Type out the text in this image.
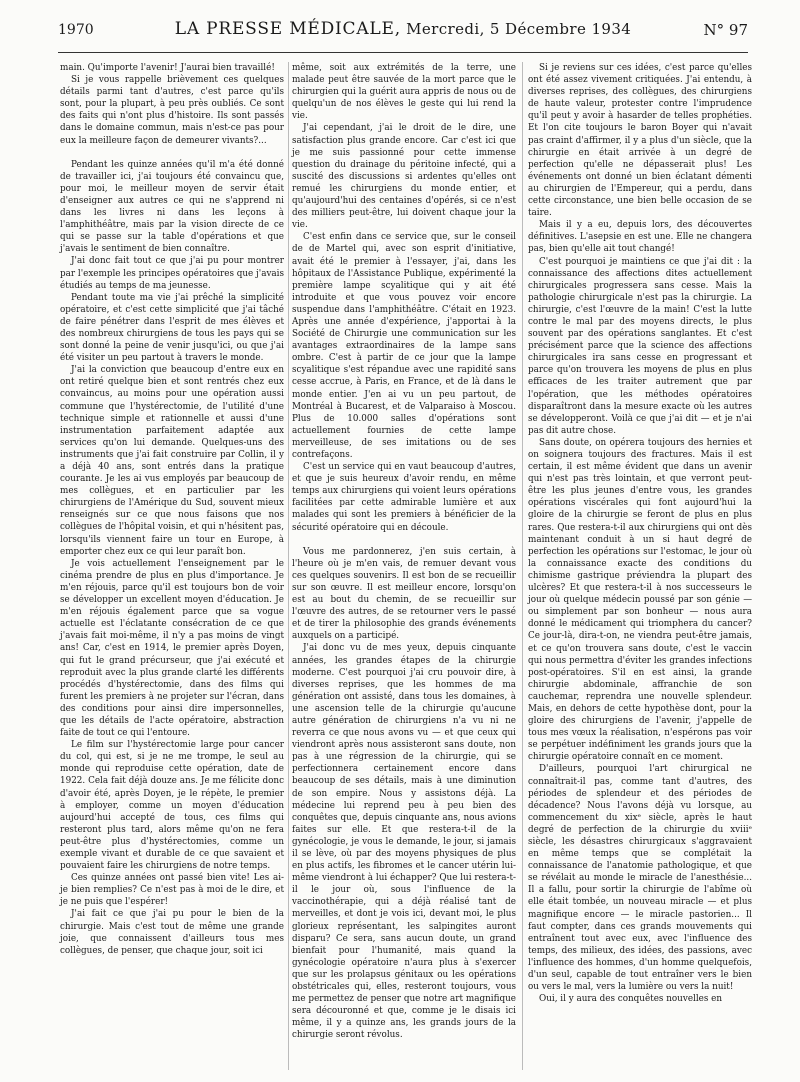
1970	LA PRESSE MÉDICALE, Mercredi, 5 Décembre 1934	N° 97

main. Qu'importe l'avenir! J'aurai bien travaillé!

Si je vous rappelle brièvement ces quelques détails parmi tant d'autres, c'est parce qu'ils sont, pour la plupart, à peu près oubliés. Ce sont des faits qui n'ont plus d'histoire. Ils sont passés dans le domaine commun, mais n'est-ce pas pour eux la meilleure façon de demeurer vivants?...

Pendant les quinze années qu'il m'a été donné de travailler ici, j'ai toujours été convaincu que, pour moi, le meilleur moyen de servir était d'enseigner aux autres ce qui ne s'apprend ni dans les livres ni dans les leçons à l'amphithéâtre, mais par la vision directe de ce qui se passe sur la table d'opérations et que j'avais le sentiment de bien connaître.

J'ai donc fait tout ce que j'ai pu pour montrer par l'exemple les principes opératoires que j'avais étudiés au temps de ma jeunesse.

Pendant toute ma vie j'ai prêché la simplicité opératoire, et c'est cette simplicité que j'ai tâché de faire pénétrer dans l'esprit de mes élèves et des nombreux chirurgiens de tous les pays qui se sont donné la peine de venir jusqu'ici, ou que j'ai été visiter un peu partout à travers le monde.

J'ai la conviction que beaucoup d'entre eux en ont retiré quelque bien et sont rentrés chez eux convaincus, au moins pour une opération aussi commune que l'hystérectomie, de l'utilité d'une technique simple et rationnelle et aussi d'une instrumentation parfaitement adaptée aux services qu'on lui demande. Quelques-uns des instruments que j'ai fait construire par Collin, il y a déjà 40 ans, sont entrés dans la pratique courante. Je les ai vus employés par beaucoup de mes collègues, et en particulier par les chirurgiens de l'Amérique du Sud, souvent mieux renseignés sur ce que nous faisons que nos collègues de l'hôpital voisin, et qui n'hésitent pas, lorsqu'ils viennent faire un tour en Europe, à emporter chez eux ce qui leur paraît bon.

Je vois actuellement l'enseignement par le cinéma prendre de plus en plus d'importance. Je m'en réjouis, parce qu'il est toujours bon de voir se développer un excellent moyen d'éducation. Je m'en réjouis également parce que sa vogue actuelle est l'éclatante consécration de ce que j'avais fait moi-même, il n'y a pas moins de vingt ans! Car, c'est en 1914, le premier après Doyen, qui fut le grand précurseur, que j'ai exécuté et reproduit avec la plus grande clarté les différents procédés d'hystérectomie, dans des films qui furent les premiers à ne projeter sur l'écran, dans des conditions pour ainsi dire impersonnelles, que les détails de l'acte opératoire, abstraction faite de tout ce qui l'entoure.

Le film sur l'hystérectomie large pour cancer du col, qui est, si je ne me trompe, le seul au monde qui reproduise cette opération, date de 1922. Cela fait déjà douze ans. Je me félicite donc d'avoir été, après Doyen, je le répète, le premier à employer, comme un moyen d'éducation aujourd'hui accepté de tous, ces films qui resteront plus tard, alors même qu'on ne fera peut-être plus d'hystérectomies, comme un exemple vivant et durable de ce que savaient et pouvaient faire les chirurgiens de notre temps.

Ces quinze années ont passé bien vite! Les ai-je bien remplies? Ce n'est pas à moi de le dire, et je ne puis que l'espérer!

J'ai fait ce que j'ai pu pour le bien de la chirurgie. Mais c'est tout de même une grande joie, que connaissent d'ailleurs tous mes collègues, de penser, que chaque jour, soit ici

même, soit aux extrémités de la terre, une malade peut être sauvée de la mort parce que le chirurgien qui la guérit aura appris de nous ou de quelqu'un de nos élèves le geste qui lui rend la vie.

J'ai cependant, j'ai le droit de le dire, une satisfaction plus grande encore. Car c'est ici que je me suis passionné pour cette immense question du drainage du péritoine infecté, qui a suscité des discussions si ardentes qu'elles ont remué les chirurgiens du monde entier, et qu'aujourd'hui des centaines d'opérés, si ce n'est des milliers peut-être, lui doivent chaque jour la vie.

C'est enfin dans ce service que, sur le conseil de de Martel qui, avec son esprit d'initiative, avait été le premier à l'essayer, j'ai, dans les hôpitaux de l'Assistance Publique, expérimenté la première lampe scyalitique qui y ait été introduite et que vous pouvez voir encore suspendue dans l'amphithéâtre. C'était en 1923. Après une année d'expérience, j'apportai à la Société de Chirurgie une communication sur les avantages extraordinaires de la lampe sans ombre. C'est à partir de ce jour que la lampe scyalitique s'est répandue avec une rapidité sans cesse accrue, à Paris, en France, et de là dans le monde entier. J'en ai vu un peu partout, de Montréal à Bucarest, et de Valparaiso à Moscou. Plus de 10.000 salles d'opérations sont actuellement fournies de cette lampe merveilleuse, de ses imitations ou de ses contrefaçons.

C'est un service qui en vaut beaucoup d'autres, et que je suis heureux d'avoir rendu, en même temps aux chirurgiens qui voient leurs opérations facilitées par cette admirable lumière et aux malades qui sont les premiers à bénéficier de la sécurité opératoire qui en découle.

Vous me pardonnerez, j'en suis certain, à l'heure où je m'en vais, de remuer devant vous ces quelques souvenirs. Il est bon de se recueillir sur son œuvre. Il est meilleur encore, lorsqu'on est au bout du chemin, de se recueillir sur l'œuvre des autres, de se retourner vers le passé et de tirer la philosophie des grands événements auxquels on a participé.

J'ai donc vu de mes yeux, depuis cinquante années, les grandes étapes de la chirurgie moderne. C'est pourquoi j'ai cru pouvoir dire, à diverses reprises, que les hommes de ma génération ont assisté, dans tous les domaines, à une ascension telle de la chirurgie qu'aucune autre génération de chirurgiens n'a vu ni ne reverra ce que nous avons vu — et que ceux qui viendront après nous assisteront sans doute, non pas à une régression de la chirurgie, qui se perfectionnera certainement encore dans beaucoup de ses détails, mais à une diminution de son empire. Nous y assistons déjà. La médecine lui reprend peu à peu bien des conquêtes que, depuis cinquante ans, nous avions faites sur elle. Et que restera-t-il de la gynécologie, je vous le demande, le jour, si jamais il se lève, où par des moyens physiques de plus en plus actifs, les fibromes et le cancer utérin lui-même viendront à lui échapper? Que lui restera-t-il le jour où, sous l'influence de la vaccinothérapie, qui a déjà réalisé tant de merveilles, et dont je vois ici, devant moi, le plus glorieux représentant, les salpingites auront disparu? Ce sera, sans aucun doute, un grand bienfait pour l'humanité, mais quand la gynécologie opératoire n'aura plus à s'exercer que sur les prolapsus génitaux ou les opérations obstétricales qui, elles, resteront toujours, vous me permettez de penser que notre art magnifique sera découronné et que, comme je le disais ici même, il y a quinze ans, les grands jours de la chirurgie seront révolus.

Si je reviens sur ces idées, c'est parce qu'elles ont été assez vivement critiquées. J'ai entendu, à diverses reprises, des collègues, des chirurgiens de haute valeur, protester contre l'imprudence qu'il peut y avoir à hasarder de telles prophéties. Et l'on cite toujours le baron Boyer qui n'avait pas craint d'affirmer, il y a plus d'un siècle, que la chirurgie en était arrivée à un degré de perfection qu'elle ne dépasserait plus! Les événements ont donné un bien éclatant démenti au chirurgien de l'Empereur, qui a perdu, dans cette circonstance, une bien belle occasion de se taire.

Mais il y a eu, depuis lors, des découvertes définitives. L'asepsie en est une. Elle ne changera pas, bien qu'elle ait tout changé!

C'est pourquoi je maintiens ce que j'ai dit : la connaissance des affections dites actuellement chirurgicales progressera sans cesse. Mais la pathologie chirurgicale n'est pas la chirurgie. La chirurgie, c'est l'œuvre de la main! C'est la lutte contre le mal par des moyens directs, le plus souvent par des opérations sanglantes. Et c'est précisément parce que la science des affections chirurgicales ira sans cesse en progressant et parce qu'on trouvera les moyens de plus en plus efficaces de les traiter autrement que par l'opération, que les méthodes opératoires disparaîtront dans la mesure exacte où les autres se développeront. Voilà ce que j'ai dit — et je n'ai pas dit autre chose.

Sans doute, on opérera toujours des hernies et on soignera toujours des fractures. Mais il est certain, il est même évident que dans un avenir qui n'est pas très lointain, et que verront peut-être les plus jeunes d'entre vous, les grandes opérations viscérales qui font aujourd'hui la gloire de la chirurgie se feront de plus en plus rares. Que restera-t-il aux chirurgiens qui ont dès maintenant conduit à un si haut degré de perfection les opérations sur l'estomac, le jour où la connaissance exacte des conditions du chimisme gastrique préviendra la plupart des ulcères? Et que restera-t-il à nos successeurs le jour où quelque médecin poussé par son génie — ou simplement par son bonheur — nous aura donné le médicament qui triomphera du cancer? Ce jour-là, dira-t-on, ne viendra peut-être jamais, et ce qu'on trouvera sans doute, c'est le vaccin qui nous permettra d'éviter les grandes infections post-opératoires. S'il en est ainsi, la grande chirurgie abdominale, affranchie de son cauchemar, reprendra une nouvelle splendeur. Mais, en dehors de cette hypothèse dont, pour la gloire des chirurgiens de l'avenir, j'appelle de tous mes vœux la réalisation, n'espérons pas voir se perpétuer indéfiniment les grands jours que la chirurgie opératoire connaît en ce moment.

D'ailleurs, pourquoi l'art chirurgical ne connaîtrait-il pas, comme tant d'autres, des périodes de splendeur et des périodes de décadence? Nous l'avons déjà vu lorsque, au commencement du xixᵉ siècle, après le haut degré de perfection de la chirurgie du xviiiᵉ siècle, les désastres chirurgicaux s'aggravaient en même temps que se complétait la connaissance de l'anatomie pathologique, et que se révélait au monde le miracle de l'anesthésie... Il a fallu, pour sortir la chirurgie de l'abîme où elle était tombée, un nouveau miracle — et plus magnifique encore — le miracle pastorien... Il faut compter, dans ces grands mouvements qui entraînent tout avec eux, avec l'influence des temps, des milieux, des idées, des passions, avec l'influence des hommes, d'un homme quelquefois, d'un seul, capable de tout entraîner vers le bien ou vers le mal, vers la lumière ou vers la nuit!

Oui, il y aura des conquêtes nouvelles en
